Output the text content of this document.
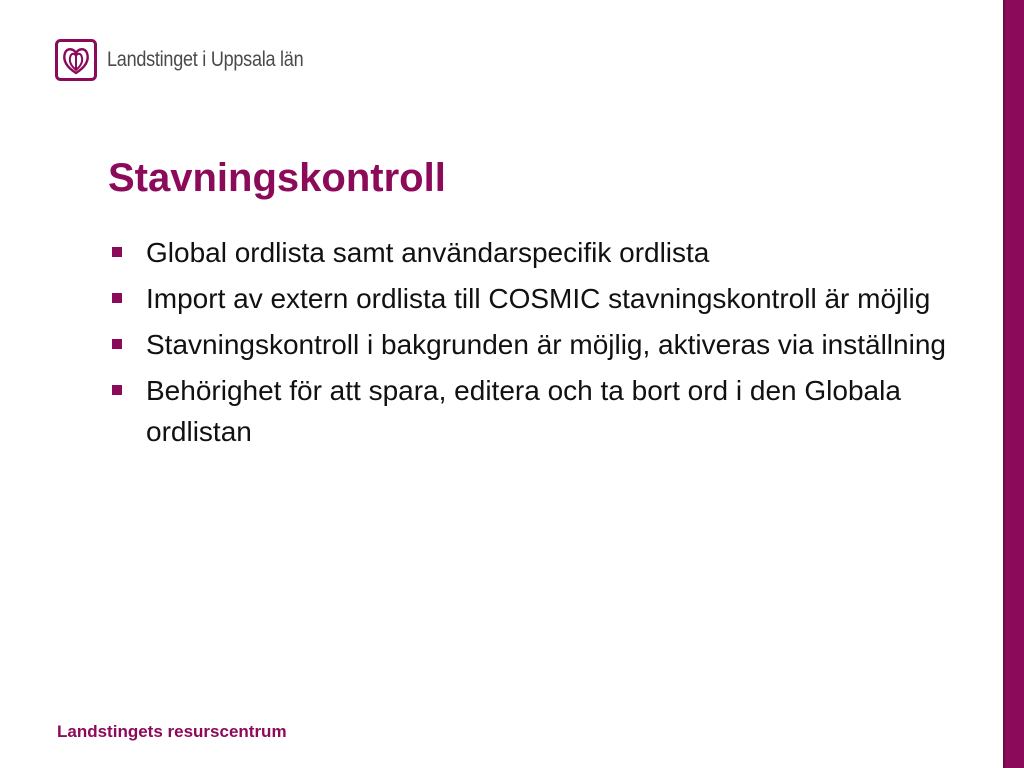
Landstinget i Uppsala län
Stavningskontroll
Global ordlista samt användarspecifik ordlista
Import av extern ordlista till COSMIC stavningskontroll är möjlig
Stavningskontroll i bakgrunden är möjlig, aktiveras via inställning
Behörighet för att spara, editera och ta bort ord i den Globala ordlistan
Landstingets resurscentrum
